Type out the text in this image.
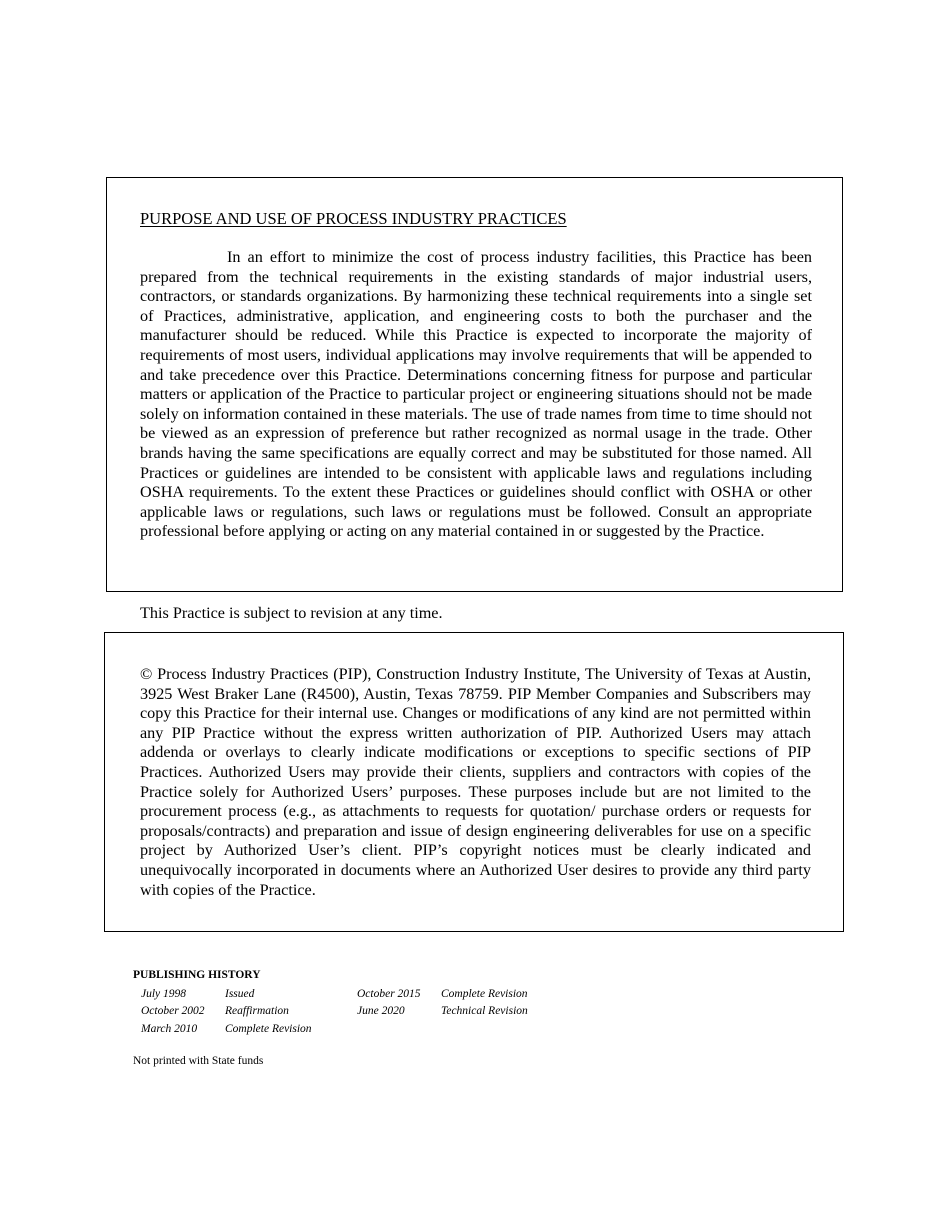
PURPOSE AND USE OF PROCESS INDUSTRY PRACTICES

In an effort to minimize the cost of process industry facilities, this Practice has been prepared from the technical requirements in the existing standards of major industrial users, contractors, or standards organizations. By harmonizing these technical requirements into a single set of Practices, administrative, application, and engineering costs to both the purchaser and the manufacturer should be reduced. While this Practice is expected to incorporate the majority of requirements of most users, individual applications may involve requirements that will be appended to and take precedence over this Practice. Determinations concerning fitness for purpose and particular matters or application of the Practice to particular project or engineering situations should not be made solely on information contained in these materials. The use of trade names from time to time should not be viewed as an expression of preference but rather recognized as normal usage in the trade. Other brands having the same specifications are equally correct and may be substituted for those named. All Practices or guidelines are intended to be consistent with applicable laws and regulations including OSHA requirements. To the extent these Practices or guidelines should conflict with OSHA or other applicable laws or regulations, such laws or regulations must be followed. Consult an appropriate professional before applying or acting on any material contained in or suggested by the Practice.

This Practice is subject to revision at any time.

© Process Industry Practices (PIP), Construction Industry Institute, The University of Texas at Austin, 3925 West Braker Lane (R4500), Austin, Texas 78759. PIP Member Companies and Subscribers may copy this Practice for their internal use. Changes or modifications of any kind are not permitted within any PIP Practice without the express written authorization of PIP. Authorized Users may attach addenda or overlays to clearly indicate modifications or exceptions to specific sections of PIP Practices. Authorized Users may provide their clients, suppliers and contractors with copies of the Practice solely for Authorized Users’ purposes. These purposes include but are not limited to the procurement process (e.g., as attachments to requests for quotation/ purchase orders or requests for proposals/contracts) and preparation and issue of design engineering deliverables for use on a specific project by Authorized User’s client. PIP’s copyright notices must be clearly indicated and unequivocally incorporated in documents where an Authorized User desires to provide any third party with copies of the Practice.

PUBLISHING HISTORY

July 1998	Issued	October 2015 Complete Revision
October 2002 Reaffirmation	June 2020	Technical Revision
March 2010 Complete Revision

Not printed with State funds
